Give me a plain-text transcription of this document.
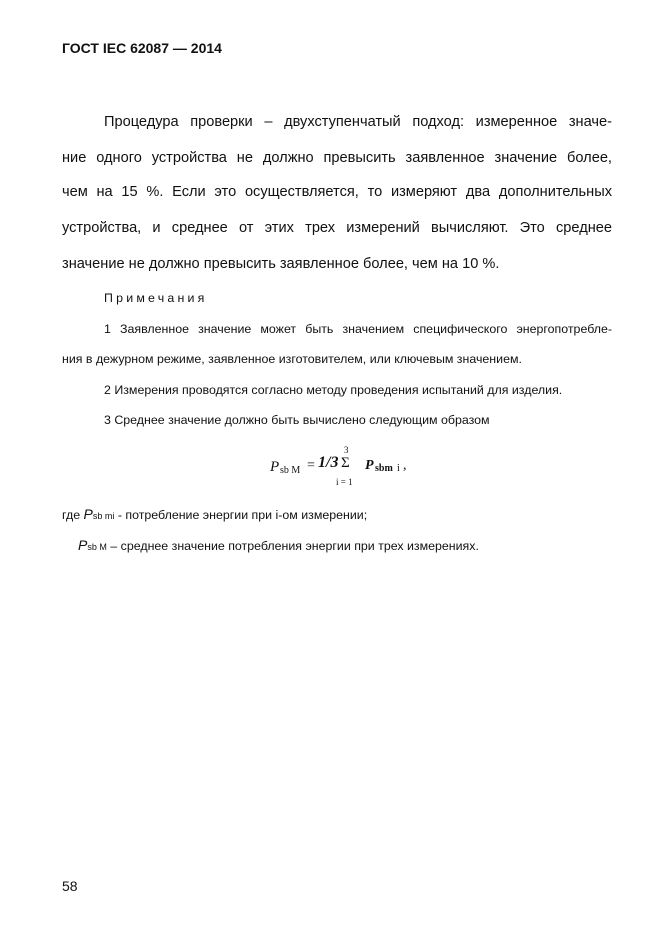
ГОСТ IEC 62087 — 2014
Процедура проверки – двухступенчатый подход: измеренное значе-
ние одного устройства не должно превысить заявленное значение более,
чем на 15 %. Если это осуществляется, то измеряют два дополнительных
устройства, и среднее от этих трех измерений вычисляют. Это среднее
значение не должно превысить заявленное более, чем на 10 %.
Примечания
1 Заявленное значение может быть значением специфического энергопотребле-
ния в дежурном режиме, заявленное изготовителем, или ключевым значением.
2 Измерения проводятся согласно методу проведения испытаний для изделия.
3 Среднее значение должно быть вычислено следующим образом
P sb M = 1/3
3
Σ
i = 1
P sbm i ,
где Psb mi - потребление энергии при i-ом измерении;
Psb M – среднее значение потребления энергии при трех измерениях.
58
